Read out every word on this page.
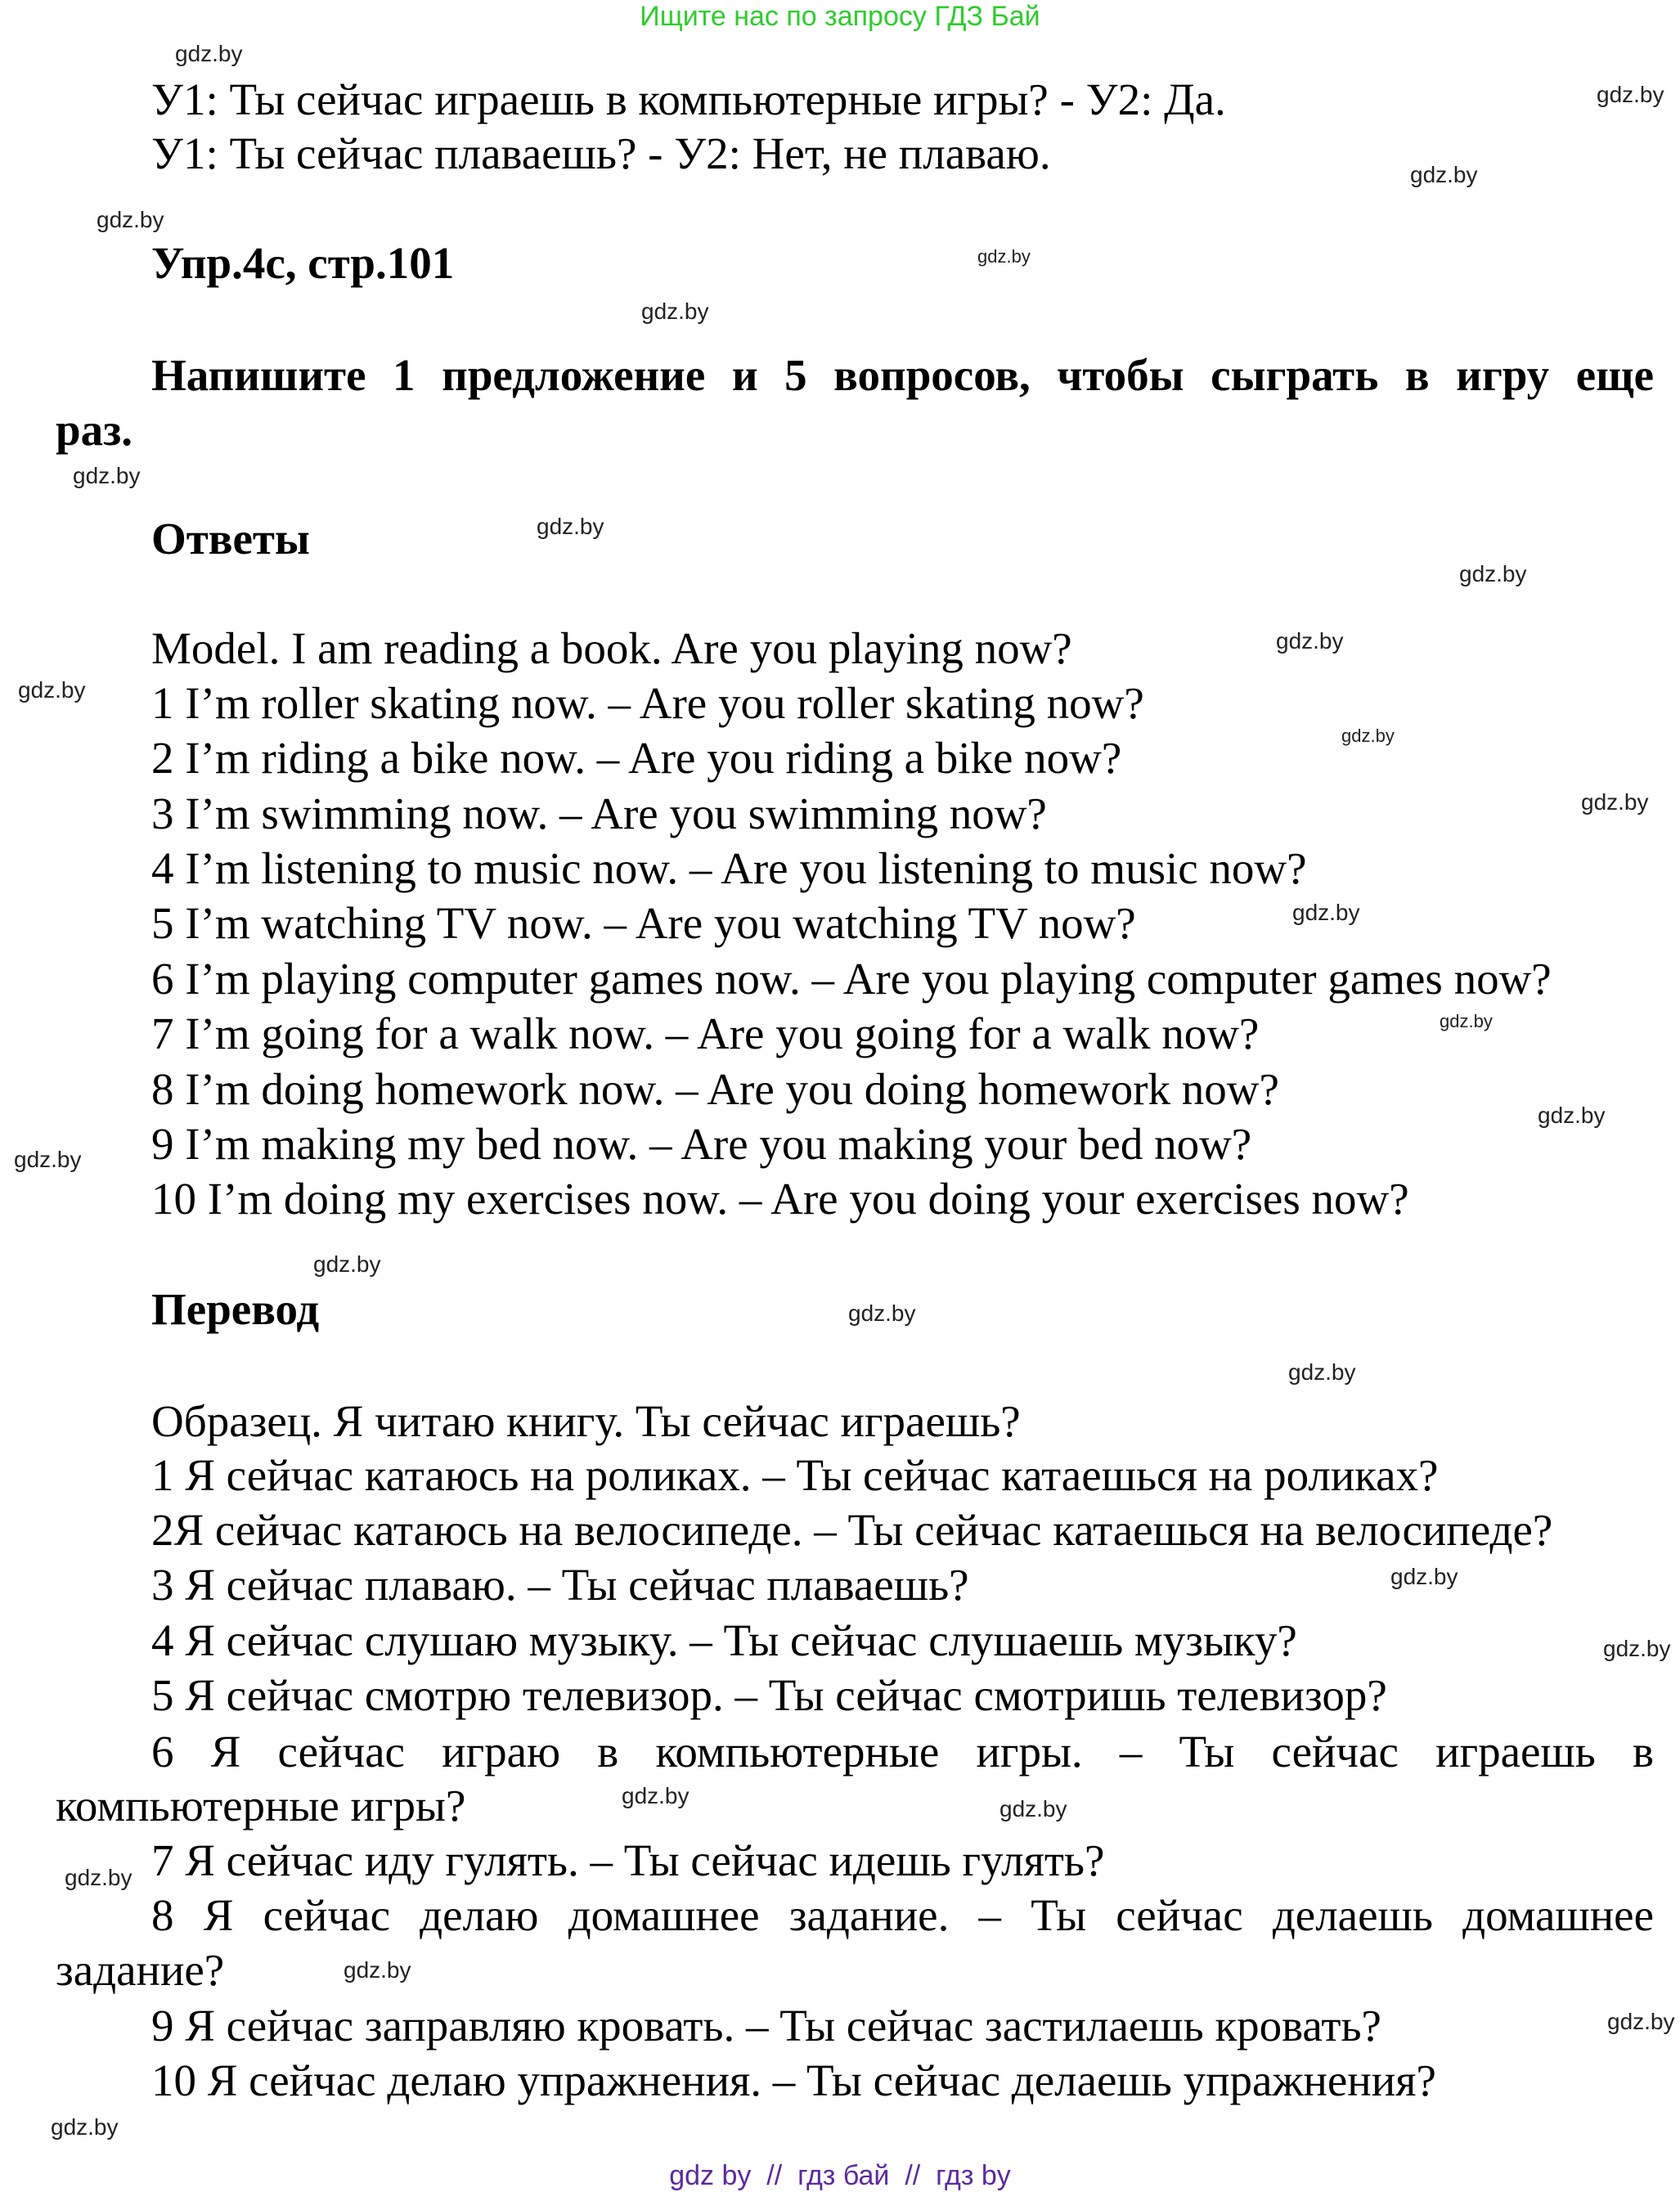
Ищите нас по запросу ГДЗ Бай
У1: Ты сейчас играешь в компьютерные игры? - У2: Да.
У1: Ты сейчас плаваешь? - У2: Нет, не плаваю.
Упр.4с, стр.101
Напишите 1 предложение и 5 вопросов, чтобы сыграть в игру еще
раз.
Ответы
Model. I am reading a book. Are you playing now?
1 I’m roller skating now. – Are you roller skating now?
2 I’m riding a bike now. – Are you riding a bike now?
3 I’m swimming now. – Are you swimming now?
4 I’m listening to music now. – Are you listening to music now?
5 I’m watching TV now. – Are you watching TV now?
6 I’m playing computer games now. – Are you playing computer games now?
7 I’m going for a walk now. – Are you going for a walk now?
8 I’m doing homework now. – Are you doing homework now?
9 I’m making my bed now. – Are you making your bed now?
10 I’m doing my exercises now. – Are you doing your exercises now?
Перевод
Образец. Я читаю книгу. Ты сейчас играешь?
1 Я сейчас катаюсь на роликах. – Ты сейчас катаешься на роликах?
2Я сейчас катаюсь на велосипеде. – Ты сейчас катаешься на велосипеде?
3 Я сейчас плаваю. – Ты сейчас плаваешь?
4 Я сейчас слушаю музыку. – Ты сейчас слушаешь музыку?
5 Я сейчас смотрю телевизор. – Ты сейчас смотришь телевизор?
6 Я сейчас играю в компьютерные игры. – Ты сейчас играешь в
компьютерные игры?
7 Я сейчас иду гулять. – Ты сейчас идешь гулять?
8 Я сейчас делаю домашнее задание. – Ты сейчас делаешь домашнее
задание?
9 Я сейчас заправляю кровать. – Ты сейчас застилаешь кровать?
10 Я сейчас делаю упражнения. – Ты сейчас делаешь упражнения?
gdz.by
gdz.by
gdz.by
gdz.by
gdz.by
gdz.by
gdz.by
gdz.by
gdz.by
gdz.by
gdz.by
gdz.by
gdz.by
gdz.by
gdz.by
gdz.by
gdz.by
gdz.by
gdz.by
gdz.by
gdz.by
gdz.by
gdz.by
gdz.by
gdz.by
gdz.by
gdz.by
gdz.by
gdz by  //  гдз бай  //  гдз by
